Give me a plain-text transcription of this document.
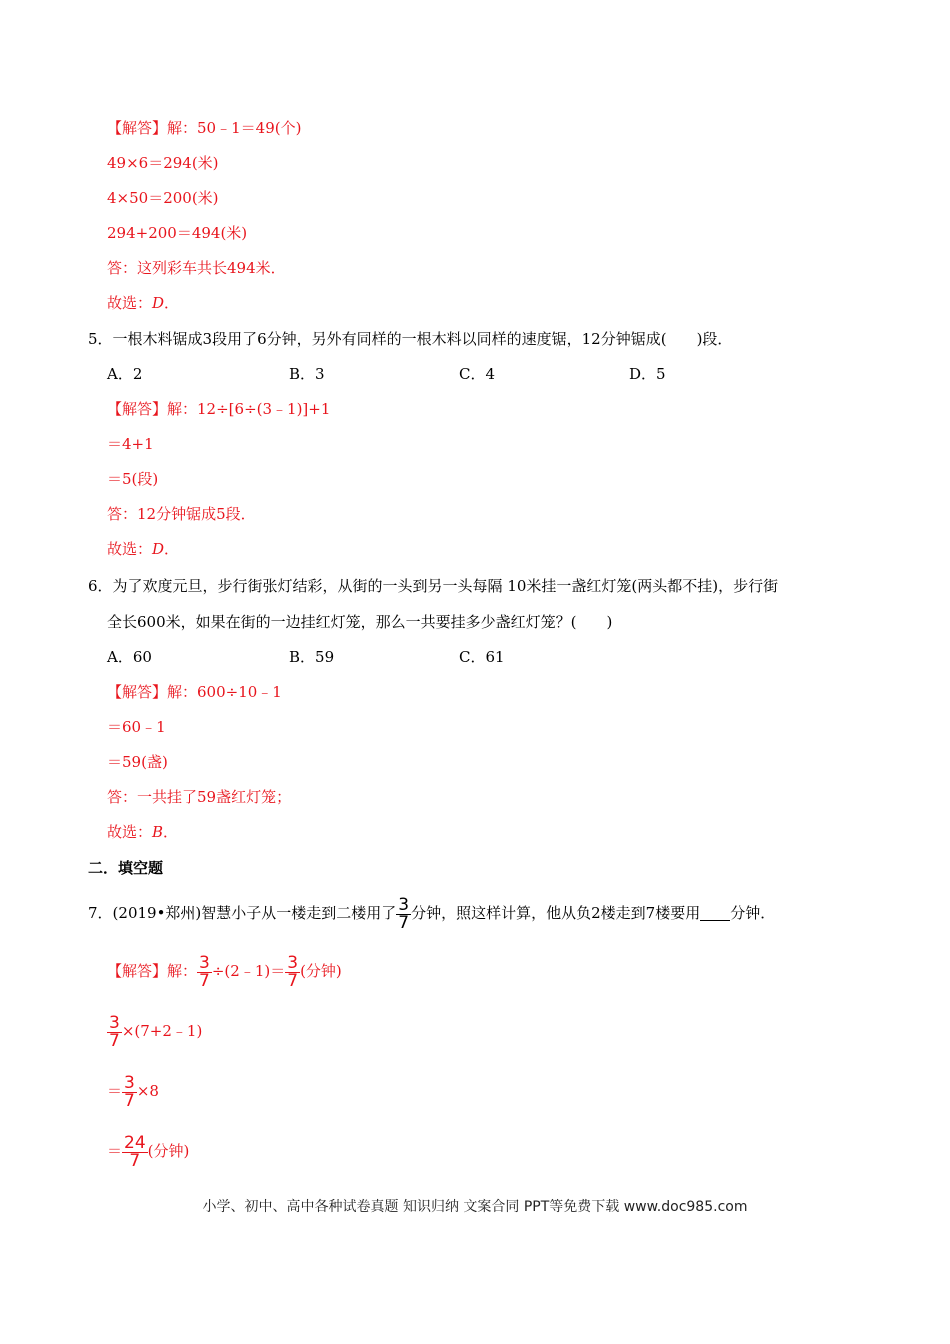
【解答】解：50﹣1＝49(个)
49×6＝294(米)
4×50＝200(米)
294+200＝494(米)
答：这列彩车共长494米．
故选：D．
5．一根木料锯成3段用了6分钟，另外有同样的一根木料以同样的速度锯，12分钟锯成(　　)段．
A．2	B．3	C．4	D．5
【解答】解：12÷[6÷(3﹣1)]+1
＝4+1
＝5(段)
答：12分钟锯成5段．
故选：D．
6．为了欢度元旦，步行街张灯结彩，从街的一头到另一头每隔 10米挂一盏红灯笼(两头都不挂)，步行街
全长600米，如果在街的一边挂红灯笼，那么一共要挂多少盏红灯笼？(　　)
A．60	B．59	C．61
【解答】解：600÷10﹣1
＝60﹣1
＝59(盏)
答：一共挂了59盏红灯笼；
故选：B．
二．填空题
7．(2019•郑州)智慧小子从一楼走到二楼用了 $\frac{3}{7}$ 分钟，照这样计算，他从负2楼走到7楼要用 分钟．
【解答】解： $\frac{3}{7}$ ÷(2﹣1)＝ $\frac{3}{7}$ (分钟)
$\frac{3}{7}$ ×(7+2﹣1)
＝ $\frac{3}{7} \times 8$
＝ $\frac{24}{7}$ (分钟)
小学、初中、高中各种试卷真题 知识归纳 文案合同 PPT等免费下载 www.doc985.com
